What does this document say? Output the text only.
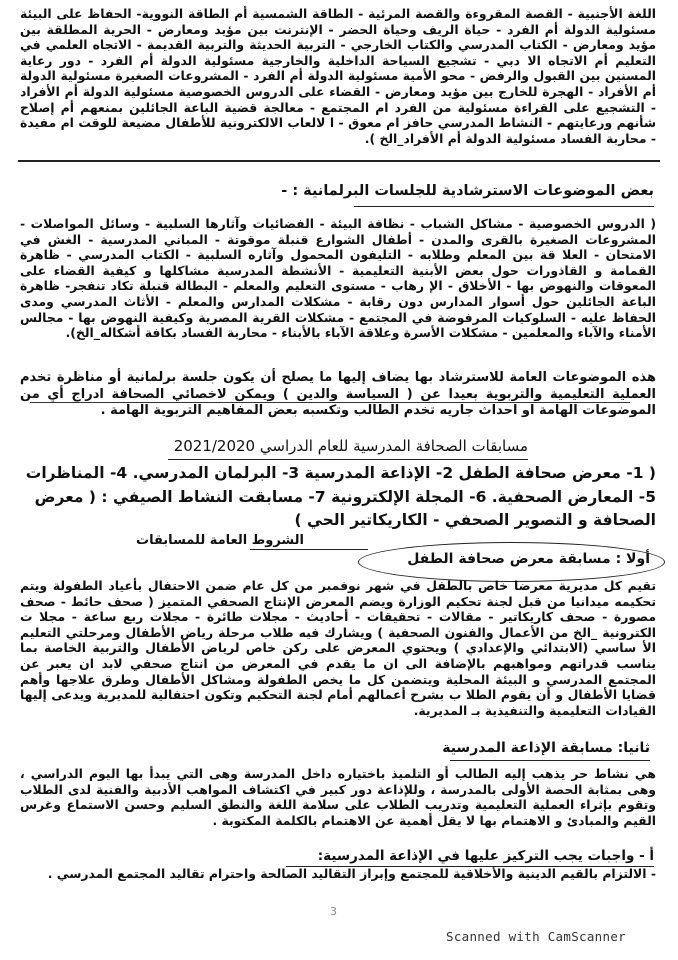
اللغة الأجنبية - القصة المقروءة والقصة المرئية - الطاقة الشمسية أم الطاقة النووية- الحفاظ على البيئة مسئولية الدولة أم الفرد - حياة الريف وحياة الحضر - الإنترنت بين مؤيد ومعارض - الحرية المطلقة بين مؤيد ومعارض - الكتاب المدرسي والكتاب الخارجي - التربية الحديثة والتربية القديمة - الاتجاه العلمي في التعليم أم الاتجاه الا دبي - تشجيع السياحة الداخلية والخارجية مسئولية الدولة أم الفرد - دور رعاية المسنين بين القبول والرفض - محو الأمية مسئولية الدولة أم الفرد - المشروعات الصغيرة مسئولية الدولة أم الأفراد - الهجرة للخارج بين مؤيد ومعارض - القضاء على الدروس الخصوصية مسئولية الدولة أم الأفراد - التشجيع على القراءة مسئولية من الفرد ام المجتمع - معالجة قضية الباعة الجائلين بمنعهم أم إصلاح شأنهم ورعايتهم - النشاط المدرسي حافز ام معوق - ا لالعاب الالكترونية للأطفال مضيعة للوقت ام مفيدة - محاربة الفساد مسئولية الدولة أم الأفراد_الخ ).
بعض الموضوعات الاسترشادية للجلسات البرلمانية : -
( الدروس الخصوصية - مشاكل الشباب - نظافة البيئة - الفضائيات وآثارها السلبية - وسائل المواصلات - المشروعات الصغيرة بالقرى والمدن - أطفال الشوارع قنبلة موقوتة - المباني المدرسية - الغش في الامتحان - العلا قة بين المعلم وطلابه - التليفون المحمول وآثاره السلبية - الكتاب المدرسي - ظاهرة القمامة و القاذورات حول بعض الأبنية التعليمية - الأنشطة المدرسية مشاكلها و كيفية القضاء على المعوقات والنهوض بها - الأخلاق - الإ رهاب - مستوى التعليم والمعلم - البطالة قنبلة تكاد تنفجر- ظاهرة الباعة الجائلين حول أسوار المدارس دون رقابة - مشكلات المدارس والمعلم - الأثاث المدرسي ومدى الحفاظ عليه - السلوكيات المرفوضة في المجتمع - مشكلات القرية المصرية وكيفية النهوض بها - مجالس الأمناء والآباء والمعلمين - مشكلات الأسرة وعلاقة الآباء بالأبناء - محاربة الفساد بكافة أشكاله_الخ).
هذه الموضوعات العامة للاسترشاد بها يضاف إليها ما يصلح أن يكون جلسة برلمانية أو مناظرة تخدم العملية التعليمية والتربوية بعيدا عن ( السياسة والدين ) ويمكن لاخصائي الصحافة ادراج أي من الموضوعات الهامة او احداث جاريه تخدم الطالب وتكسبه بعض المفاهيم التربوية الهامة .
مسابقات الصحافة المدرسية للعام الدراسي 2021/2020
( 1- معرض صحافة الطفل 2- الإذاعة المدرسية 3- البرلمان المدرسي. 4- المناظرات
5- المعارض الصحفية. 6- المجلة الإلكترونية 7- مسابقت النشاط الصيفي : ( معرض
الصحافة و التصوير الصحفي - الكاريكاتير الحي )
الشروط العامة للمسابقات
أولا : مسابقة معرض صحافة الطفل
تقيم كل مديرية معرضا خاص بالطفل في شهر نوفمبر من كل عام ضمن الاحتفال بأعياد الطفولة ويتم تحكيمه ميدانيا من قبل لجنة تحكيم الوزارة ويضم المعرض الإنتاج الصحفي المتميز ( صحف حائط - صحف مصورة - صحف كاريكاتير - مقالات - تحقيقات - أحاديث - مجلات طائرة - مجلات ربع ساعة - مجلا ت الكترونية _الخ من الأعمال والفنون الصحفية ) ويشارك فيه طلاب مرحلة رياض الأطفال ومرحلتي التعليم الأ ساسي (الابتدائي والإعدادي ) ويحتوي المعرض على ركن خاص لرياض الأطفال والتربية الخاصة بما يناسب قدراتهم ومواهبهم بالإضافة الى ان ما يقدم في المعرض من انتاج صحفي لابد ان يعبر عن المجتمع المدرسي و البيئة المحلية ويتضمن كل ما يخص الطفولة ومشاكل الأطفال وطرق علاجها وأهم قضايا الأطفال و أن يقوم الطلا ب بشرح أعمالهم أمام لجنة التحكيم وتكون احتفالية للمديرية ويدعى إليها القيادات التعليمية والتنفيذية بـ المديرية.
ثانيا: مسابقة الإذاعة المدرسية
هي نشاط حر يذهب إليه الطالب أو التلميذ باختياره داخل المدرسة وهى التي يبدأ بها اليوم الدراسي ، وهى بمثابة الحصة الأولى بالمدرسة ، وللإذاعة دور كبير في اكتشاف المواهب الأدبية والفنية لدى الطلاب وتقوم بإثراء العملية التعليمية وتدريب الطلاب على سلامة اللغة والنطق السليم وحسن الاستماع وغرس القيم والمبادئ و الاهتمام بها لا يقل أهمية عن الاهتمام بالكلمة المكتوبة .
أ - واجبات يجب التركيز عليها في الإذاعة المدرسية:
- الالتزام بالقيم الدينية والأخلاقية للمجتمع وإبراز التقاليد الصالحة واحترام تقاليد المجتمع المدرسي .
3
Scanned with CamScanner
